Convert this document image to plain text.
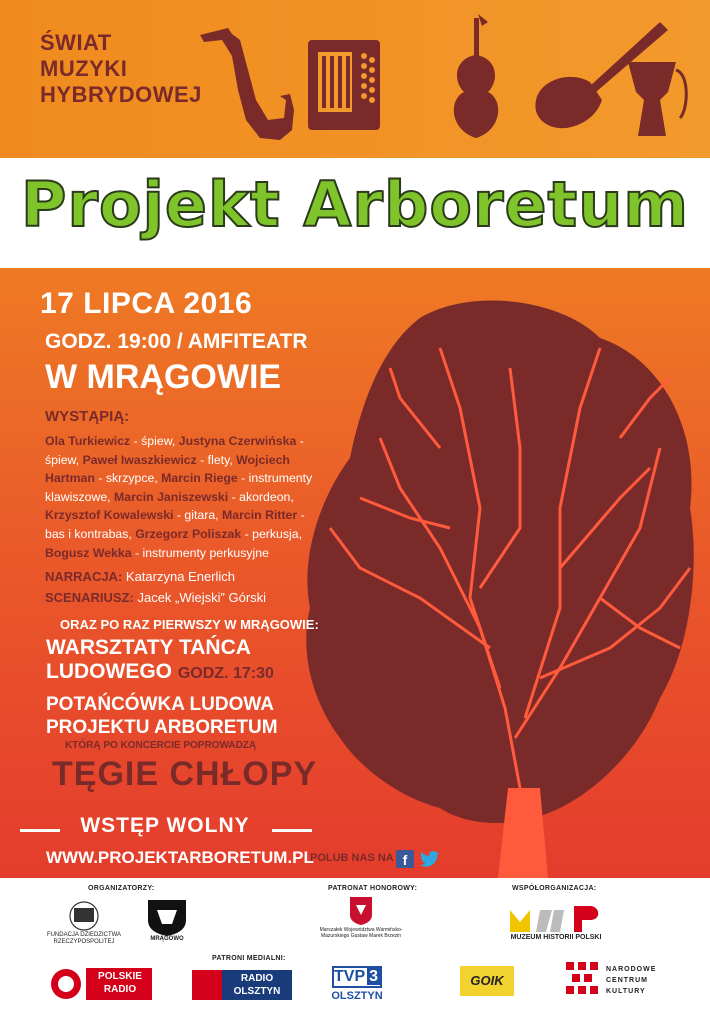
ŚWIAT
MUZYKI
HYBRYDOWEJ
Projekt Arboretum
17 LIPCA 2016
GODZ. 19:00 / AMFITEATR
W MRĄGOWIE
WYSTĄPIĄ:
Ola Turkiewicz - śpiew, Justyna Czerwińska - śpiew, Paweł Iwaszkiewicz - flety, Wojciech Hartman - skrzypce, Marcin Riege - instrumenty klawiszowe, Marcin Janiszewski - akordeon, Krzysztof Kowalewski - gitara, Marcin Ritter - bas i kontrabas, Grzegorz Poliszak - perkusja, Bogusz Wekka - instrumenty perkusyjne
NARRACJA: Katarzyna Enerlich
SCENARIUSZ: Jacek „Wiejski” Górski
ORAZ PO RAZ PIERWSZY W MRĄGOWIE:
WARSZTATY TAŃCA
LUDOWEGO GODZ. 17:30
POTAŃCÓWKA LUDOWA
PROJEKTU ARBORETUM
KTÓRĄ PO KONCERCIE POPROWADZĄ
TĘGIE CHŁOPY
WSTĘP WOLNY
WWW.PROJEKTARBORETUM.PL
POLUB NAS NA f
ORGANIZATORZY:	PATRONAT HONOROWY:	WSPÓŁORGANIZACJA:
PATRONI MEDIALNI:
FUNDACJA DZIEDZICTWA RZECZYPOSPOLITEJ	MRĄGOWO
Marszałek Województwa Warmińsko-Mazurskiego Gustaw Marek Brzezin	MUZEUM HISTORII POLSKI
POLSKIE RADIO
RADIO OLSZTYN
TVP 3
OLSZTYN
GOIK
NARODOWE
CENTRUM
KULTURY
